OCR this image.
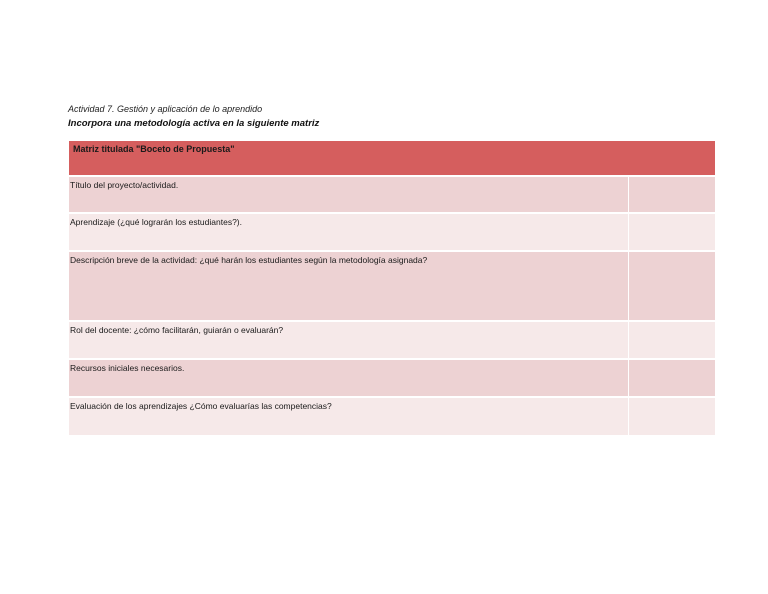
Actividad 7. Gestión y aplicación de lo aprendido
Incorpora una metodología activa en la siguiente matriz
Matriz titulada "Boceto de Propuesta"
Título del proyecto/actividad.
Aprendizaje (¿qué lograrán los estudiantes?).
Descripción breve de la actividad: ¿qué harán los estudiantes según la metodología asignada?
Rol del docente: ¿cómo facilitarán, guiarán o evaluarán?
Recursos iniciales necesarios.
Evaluación de los aprendizajes ¿Cómo evaluarías las competencias?
